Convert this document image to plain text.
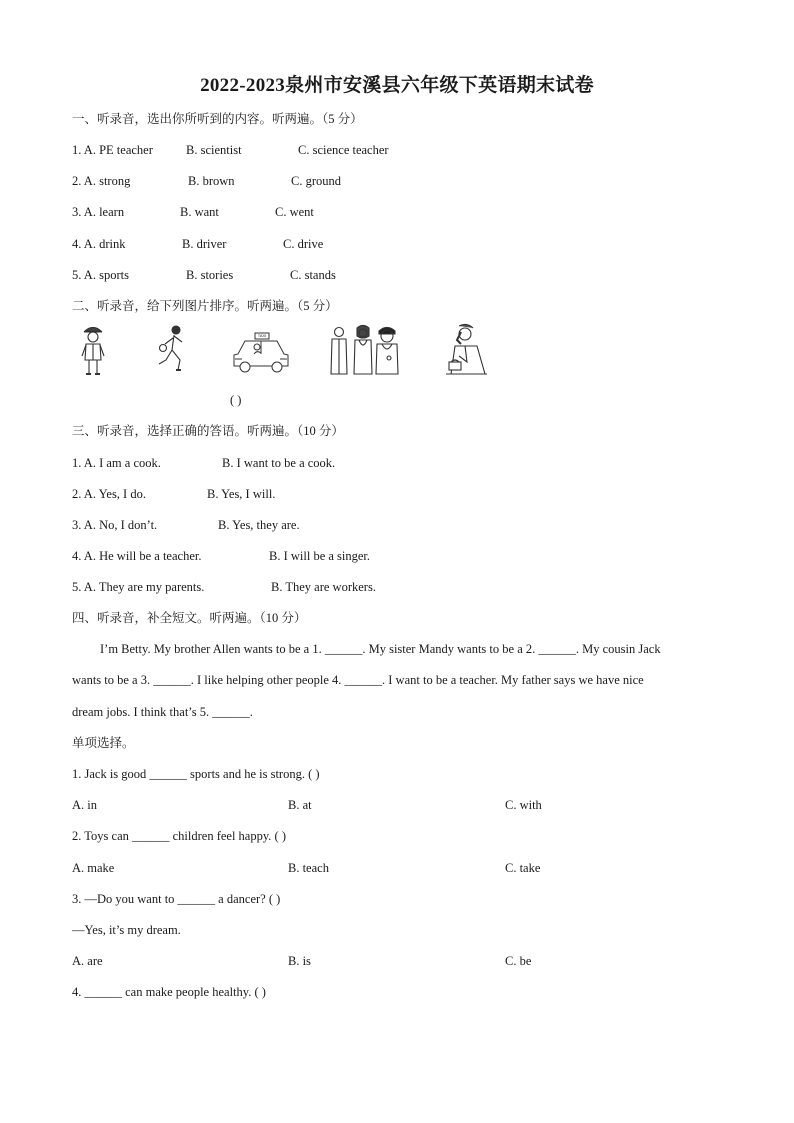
2022-2023泉州市安溪县六年级下英语期末试卷
一、听录音，选出你所听到的内容。听两遍。（5 分）
1. A. PE teacher	B. scientist	C. science teacher
2. A. strong	B. brown	C. ground
3. A. learn	B. want	C. went
4. A. drink	B. driver	C. drive
5. A. sports	B. stories	C. stands
二、听录音，给下列图片排序。听两遍。（5 分）
TAXI
( )
三、听录音，选择正确的答语。听两遍。（10 分）
1. A. I am a cook.	B. I want to be a cook.
2. A. Yes, I do.	B. Yes, I will.
3. A. No, I don’t.	B. Yes, they are.
4. A. He will be a teacher.	B. I will be a singer.
5. A. They are my parents.	B. They are workers.
四、听录音，补全短文。听两遍。（10 分）
I’m Betty. My brother Allen wants to be a 1. ______. My sister Mandy wants to be a 2. ______. My cousin Jack
wants to be a 3. ______. I like helping other people 4. ______. I want to be a teacher. My father says we have nice
dream jobs. I think that’s 5. ______.
单项选择。
1. Jack is good ______ sports and he is strong. ( )
A. in	B. at	C. with
2. Toys can ______ children feel happy. ( )
A. make	B. teach	C. take
3. —Do you want to ______ a dancer? ( )
—Yes, it’s my dream.
A. are	B. is	C. be
4. ______ can make people healthy. ( )
